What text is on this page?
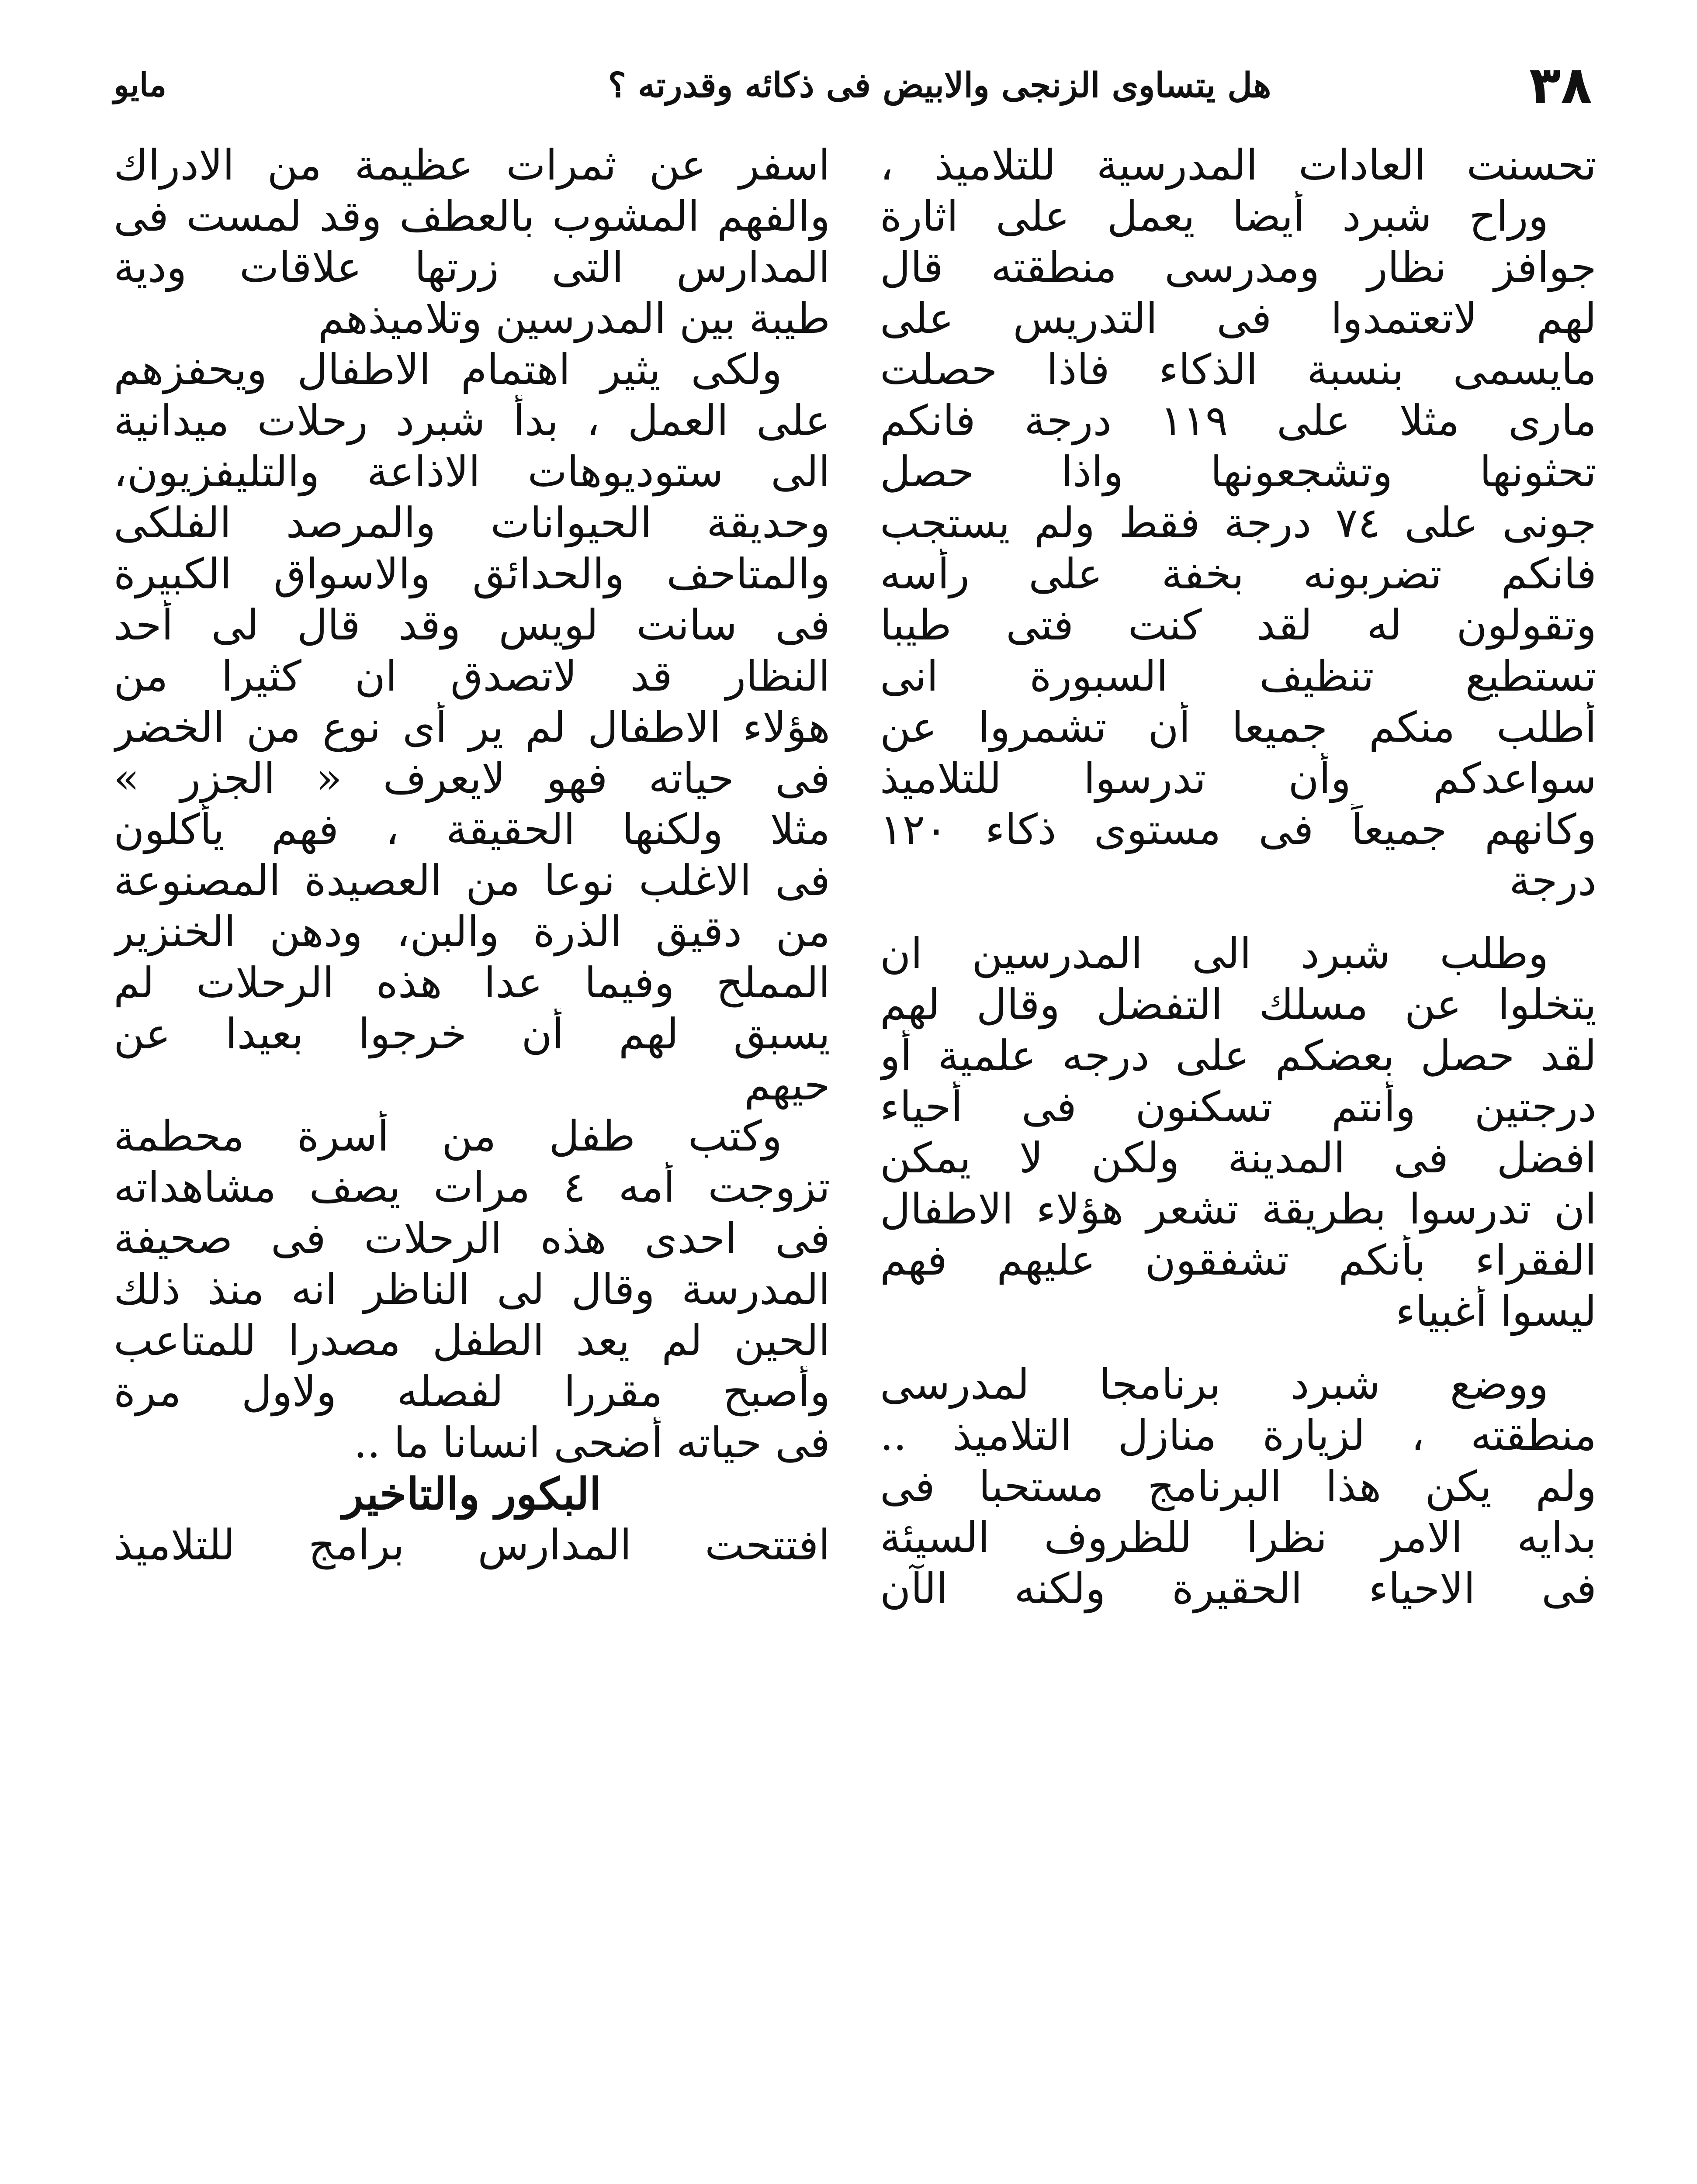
٣٨
هل يتساوى الزنجى والابيض فى ذكائه وقدرته ؟
مايو
تحسنت العادات المدرسية للتلاميذ ،
وراح شبرد أيضا يعمل على اثارة
جوافز نظار ومدرسى منطقته قال
لهم لاتعتمدوا فى التدريس على
مايسمى بنسبة الذكاء فاذا حصلت
مارى مثلا على ١١٩ درجة فانكم
تحثونها وتشجعونها واذا حصل
جونى على ٧٤ درجة فقط ولم يستجب
فانكم تضربونه بخفة على رأسه
وتقولون له لقد كنت فتى طيبا
تستطيع تنظيف السبورة انى
أطلب منكم جميعا أن تشمروا عن
سواعدكم وأن تدرسوا للتلاميذ
وكانهم جميعاً فى مستوى ذكاء ١٢٠
درجة
وطلب شبرد الى المدرسين ان
يتخلوا عن مسلك التفضل وقال لهم
لقد حصل بعضكم على درجه علمية أو
درجتين وأنتم تسكنون فى أحياء
افضل فى المدينة ولكن لا يمكن
ان تدرسوا بطريقة تشعر هؤلاء الاطفال
الفقراء بأنكم تشفقون عليهم فهم
ليسوا أغبياء
ووضع شبرد برنامجا لمدرسى
منطقته ، لزيارة منازل التلاميذ ..
ولم يكن هذا البرنامج مستحبا فى
بدايه الامر نظرا للظروف السيئة
فى الاحياء الحقيرة ولكنه الآن
اسفر عن ثمرات عظيمة من الادراك
والفهم المشوب بالعطف وقد لمست فى
المدارس التى زرتها علاقات ودية
طيبة بين المدرسين وتلاميذهم
ولكى يثير اهتمام الاطفال ويحفزهم
على العمل ، بدأ شبرد رحلات ميدانية
الى ستوديوهات الاذاعة والتليفزيون،
وحديقة الحيوانات والمرصد الفلكى
والمتاحف والحدائق والاسواق الكبيرة
فى سانت لويس وقد قال لى أحد
النظار قد لاتصدق ان كثيرا من
هؤلاء الاطفال لم ير أى نوع من الخضر
فى حياته فهو لايعرف « الجزر »
مثلا ولكنها الحقيقة ، فهم يأكلون
فى الاغلب نوعا من العصيدة المصنوعة
من دقيق الذرة والبن، ودهن الخنزير
المملح وفيما عدا هذه الرحلات لم
يسبق لهم أن خرجوا بعيدا عن
حيهم
وكتب طفل من أسرة محطمة
تزوجت أمه ٤ مرات يصف مشاهداته
فى احدى هذه الرحلات فى صحيفة
المدرسة وقال لى الناظر انه منذ ذلك
الحين لم يعد الطفل مصدرا للمتاعب
وأصبح مقررا لفصله ولاول مرة
فى حياته أضحى انسانا ما ..
البكور والتاخير
افتتحت المدارس برامج للتلاميذ
